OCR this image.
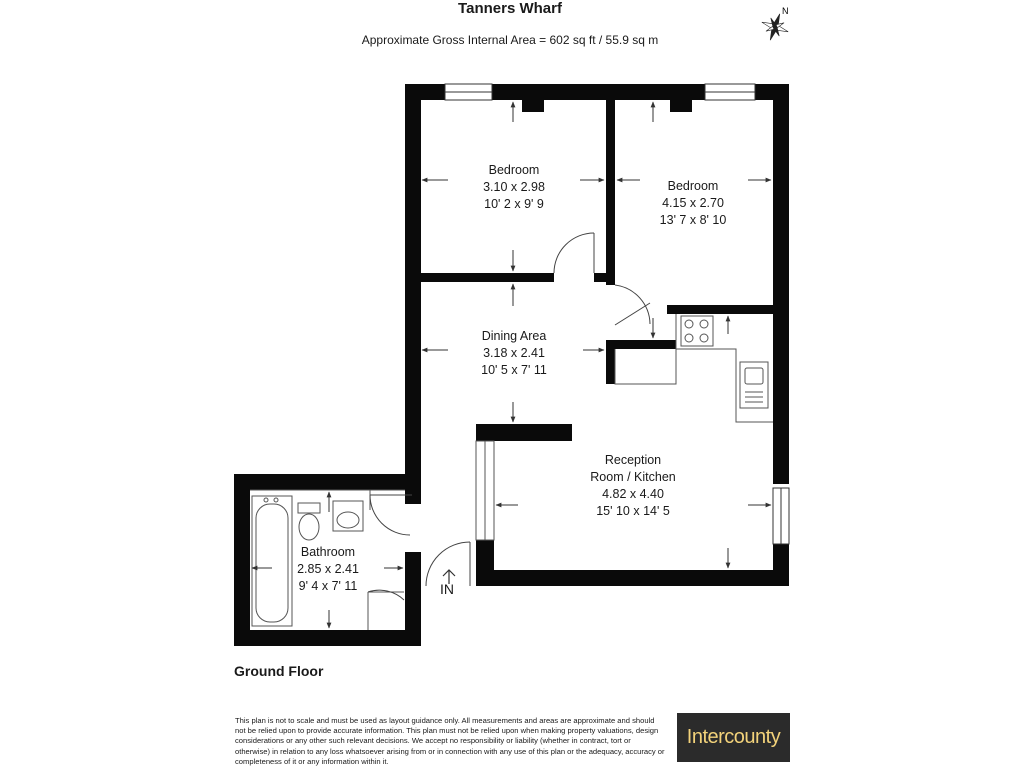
Tanners Wharf
Approximate Gross Internal Area = 602 sq ft / 55.9 sq m
N
Bedroom
3.10 x 2.98
10' 2 x 9' 9
Bedroom
4.15 x 2.70
13' 7 x 8' 10
Dining Area
3.18 x 2.41
10' 5 x 7' 11
Reception
Room / Kitchen
4.82 x 4.40
15' 10 x 14' 5
Bathroom
2.85 x 2.41
9' 4 x 7' 11	IN
Ground Floor
This plan is not to scale and must be used as layout guidance only. All measurements and areas are approximate and should not be relied upon to provide accurate information. This plan must not be relied upon when making property valuations, design considerations or any other such relevant decisions. We accept no responsibility or liability (whether in contract, tort or otherwise) in relation to any loss whatsoever arising from or in connection with any use of this plan or the adequacy, accuracy or completeness of it or any information within it.
Intercounty
